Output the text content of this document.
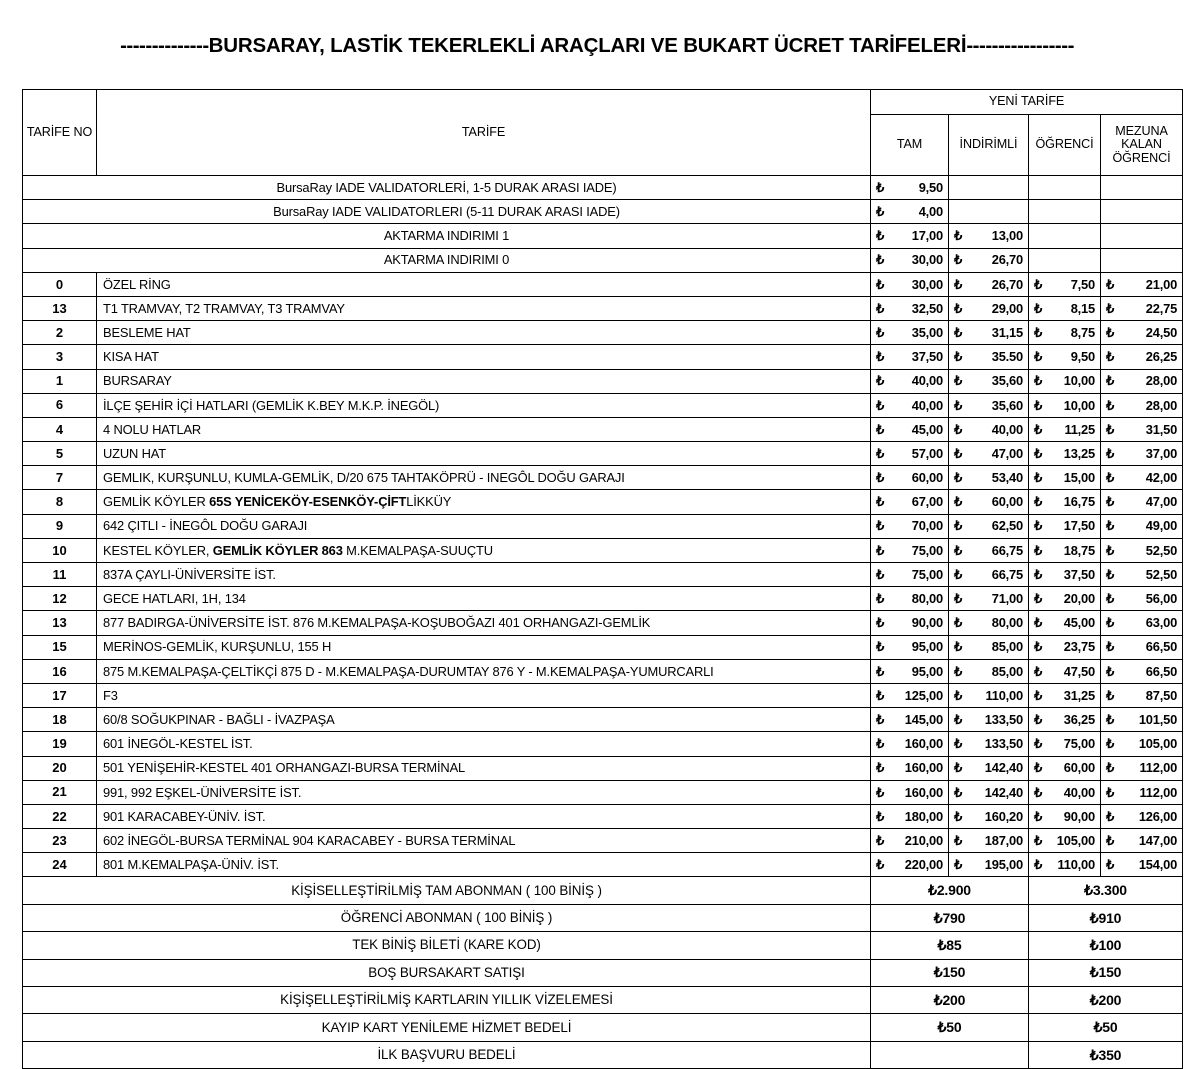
-------------- BURSARAY, LASTİK TEKERLEKLİ ARAÇLARI VE BUKART ÜCRET TARİFELERİ -----------------
TARİFE NO	TARİFE	YENİ TARİFE			
		TAM	İNDİRİMLİ	ÖĞRENCİ	MEZUNA
KALAN
ÖĞRENCİ

BursaRay IADE VALIDATORLERİ, 1-5 DURAK ARASI IADE)		₺ 9,50			

BursaRay IADE VALIDATORLERI (5-11 DURAK ARASI IADE)		₺ 4,00			

AKTARMA INDIRIMI 1		₺ 17,00	₺ 13,00		

AKTARMA INDIRIMI 0		₺ 30,00	₺ 26,70		

0	ÖZEL RİNG	₺ 30,00	₺ 26,70	₺ 7,50	₺ 21,00

13	T1 TRAMVAY, T2 TRAMVAY, T3 TRAMVAY	₺ 32,50	₺ 29,00	₺ 8,15	₺ 22,75

2	BESLEME HAT	₺ 35,00	₺ 31,15	₺ 8,75	₺ 24,50

3	KISA HAT	₺ 37,50	₺ 35.50	₺ 9,50	₺ 26,25

1	BURSARAY	₺ 40,00	₺ 35,60	₺ 10,00	₺ 28,00

6	İLÇE ŞEHİR İÇİ HATLARI (GEMLİK K.BEY M.K.P. İNEGÖL)	₺ 40,00	₺ 35,60	₺ 10,00	₺ 28,00

4	4 NOLU HATLAR	₺ 45,00	₺ 40,00	₺ 11,25	₺ 31,50

5	UZUN HAT	₺ 57,00	₺ 47,00	₺ 13,25	₺ 37,00

7	GEMLIK, KURŞUNLU, KUMLA-GEMLİK, D/20 675 TAHTAKÖPRÜ - INEGÔL DOĞU GARAJI	₺ 60,00	₺ 53,40	₺ 15,00	₺ 42,00

8	GEMLİK KÖYLER 65S YENİCEKÖY-ESENKÖY-ÇİFTLİKKÜY	₺ 67,00	₺ 60,00	₺ 16,75	₺ 47,00

9	642 ÇITLI - İNEGÔL DOĞU GARAJI	₺ 70,00	₺ 62,50	₺ 17,50	₺ 49,00

10	KESTEL KÖYLER, GEMLİK KÖYLER 863 M.KEMALPAŞA-SUUÇTU	₺ 75,00	₺ 66,75	₺ 18,75	₺ 52,50

11	837A ÇAYLI-ÜNİVERSİTE İST.	₺ 75,00	₺ 66,75	₺ 37,50	₺ 52,50

12	GECE HATLARI, 1H, 134	₺ 80,00	₺ 71,00	₺ 20,00	₺ 56,00

13	877 BADIRGA-ÜNİVERSİTE İST. 876 M.KEMALPAŞA-KOŞUBOĞAZI 401 ORHANGAZI-GEMLİK	₺ 90,00	₺ 80,00	₺ 45,00	₺ 63,00

15	MERİNOS-GEMLİK, KURŞUNLU, 155 H	₺ 95,00	₺ 85,00	₺ 23,75	₺ 66,50

16	875 M.KEMALPAŞA-ÇELTİKÇİ 875 D - M.KEMALPAŞA-DURUMTAY 876 Y - M.KEMALPAŞA-YUMURCARLI	₺ 95,00	₺ 85,00	₺ 47,50	₺ 66,50

17	F3	₺ 125,00	₺ 110,00	₺ 31,25	₺ 87,50

18	60/8 SOĞUKPINAR - BAĞLI - İVAZPAŞA	₺ 145,00	₺ 133,50	₺ 36,25	₺ 101,50

19	601 İNEGÖL-KESTEL İST.	₺ 160,00	₺ 133,50	₺ 75,00	₺ 105,00

20	501 YENİŞEHİR-KESTEL 401 ORHANGAZI-BURSA TERMİNAL	₺ 160,00	₺ 142,40	₺ 60,00	₺ 112,00

21	991, 992 EŞKEL-ÜNİVERSİTE İST.	₺ 160,00	₺ 142,40	₺ 40,00	₺ 112,00

22	901 KARACABEY-ÜNİV. İST.	₺ 180,00	₺ 160,20	₺ 90,00	₺ 126,00

23	602 İNEGÖL-BURSA TERMİNAL 904 KARACABEY - BURSA TERMİNAL	₺ 210,00	₺ 187,00	₺ 105,00	₺ 147,00

24	801 M.KEMALPAŞA-ÜNİV. İST.	₺ 220,00	₺ 195,00	₺ 110,00	₺ 154,00

KİŞİSELLEŞTİRİLMİŞ TAM ABONMAN ( 100 BİNİŞ )		₺2.900		₺3.300	
ÖĞRENCİ ABONMAN ( 100 BİNİŞ )		₺790		₺910	
TEK BİNİŞ BİLETİ (KARE KOD)		₺85		₺100	
BOŞ BURSAKART SATIŞI		₺150		₺150	
KİŞİŞELLEŞTİRİLMİŞ KARTLARIN YILLIK VİZELEMESİ		₺200		₺200	
KAYIP KART YENİLEME HİZMET BEDELİ		₺50		₺50	
İLK BAŞVURU BEDELİ				₺350	
